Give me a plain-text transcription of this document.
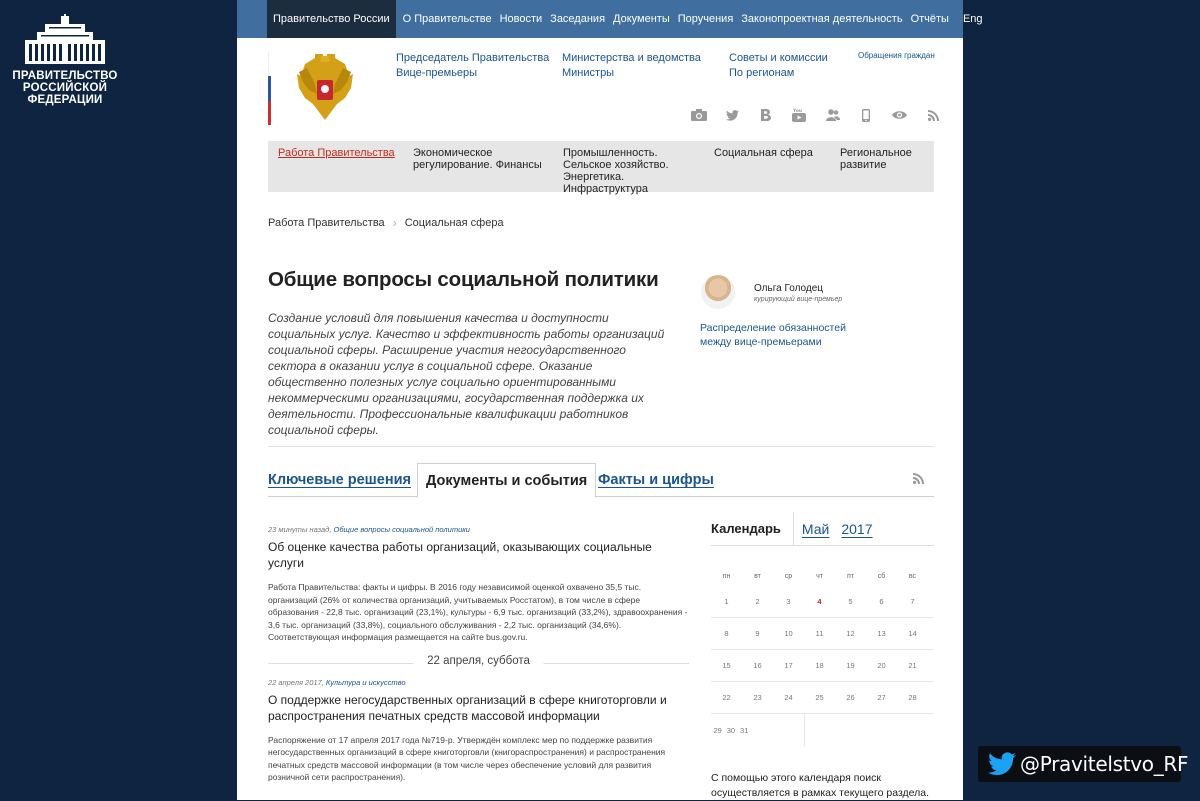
ПРАВИТЕЛЬСТВО
РОССИЙСКОЙ
ФЕДЕРАЦИИ
@Pravitelstvo_RF
Правительство России	О Правительстве Новости Заседания Документы Поручения Законопроектная деятельность Отчёты	Eng
Председатель Правительства
Вице-премьеры
Министерства и ведомства
Министры
Советы и комиссии
По регионам
Обращения граждан
You
Работа Правительства Экономическое регулирование. Финансы
Промышленность. Сельское хозяйство. Энергетика. Инфраструктура
Социальная сфера Региональное развитие
Работа Правительства › Социальная сфера
Общие вопросы социальной политики

Создание условий для повышения качества и доступности социальных услуг. Качество и эффективность работы организаций социальной сферы. Расширение участия негосударственного сектора в оказании услуг в социальной сфере. Оказание общественно полезных услуг социально ориентированными некоммерческими организациями, государственная поддержка их деятельности. Профессиональные квалификации работников социальной сферы.

Ольга Голодец
курирующий вице-премьер
Распределение обязанностей между вице-премьерами
Ключевые решения	Документы и события Факты и цифры
23 минуты назад, Общие вопросы социальной политики
Об оценке качества работы организаций, оказывающих социальные услуги
Работа Правительства: факты и цифры. В 2016 году независимой оценкой охвачено 35,5 тыс. организаций (26% от количества организаций, учитываемых Росстатом), в том числе в сфере образования - 22,8 тыс. организаций (23,1%), культуры - 6,9 тыс. организаций (33,2%), здравоохранения - 3,6 тыс. организаций (33,8%), социального обслуживания - 2,2 тыс. организаций (34,6%). Соответствующая информация размещается на сайте bus.gov.ru.
22 апреля, суббота
22 апреля 2017, Культура и искусство
О поддержке негосударственных организаций в сфере книготорговли и распространения печатных средств массовой информации
Распоряжение от 17 апреля 2017 года №719-р. Утверждён комплекс мер по поддержке развития негосударственных организаций в сфере книготорговли (книгораспространения) и распространения печатных средств массовой информации (в том числе через обеспечение условий для развития розничной сети распространения).
Календарь	Май 2017
пн	вт	ср	чт	пт	сб	вс
1	2	3	4	5	6	7
8	9	10	11	12	13	14
15	16	17	18	19	20	21
22	23	24	25	26	27	28
29 30 31
С помощью этого календаря поиск осуществляется в рамках текущего раздела.
